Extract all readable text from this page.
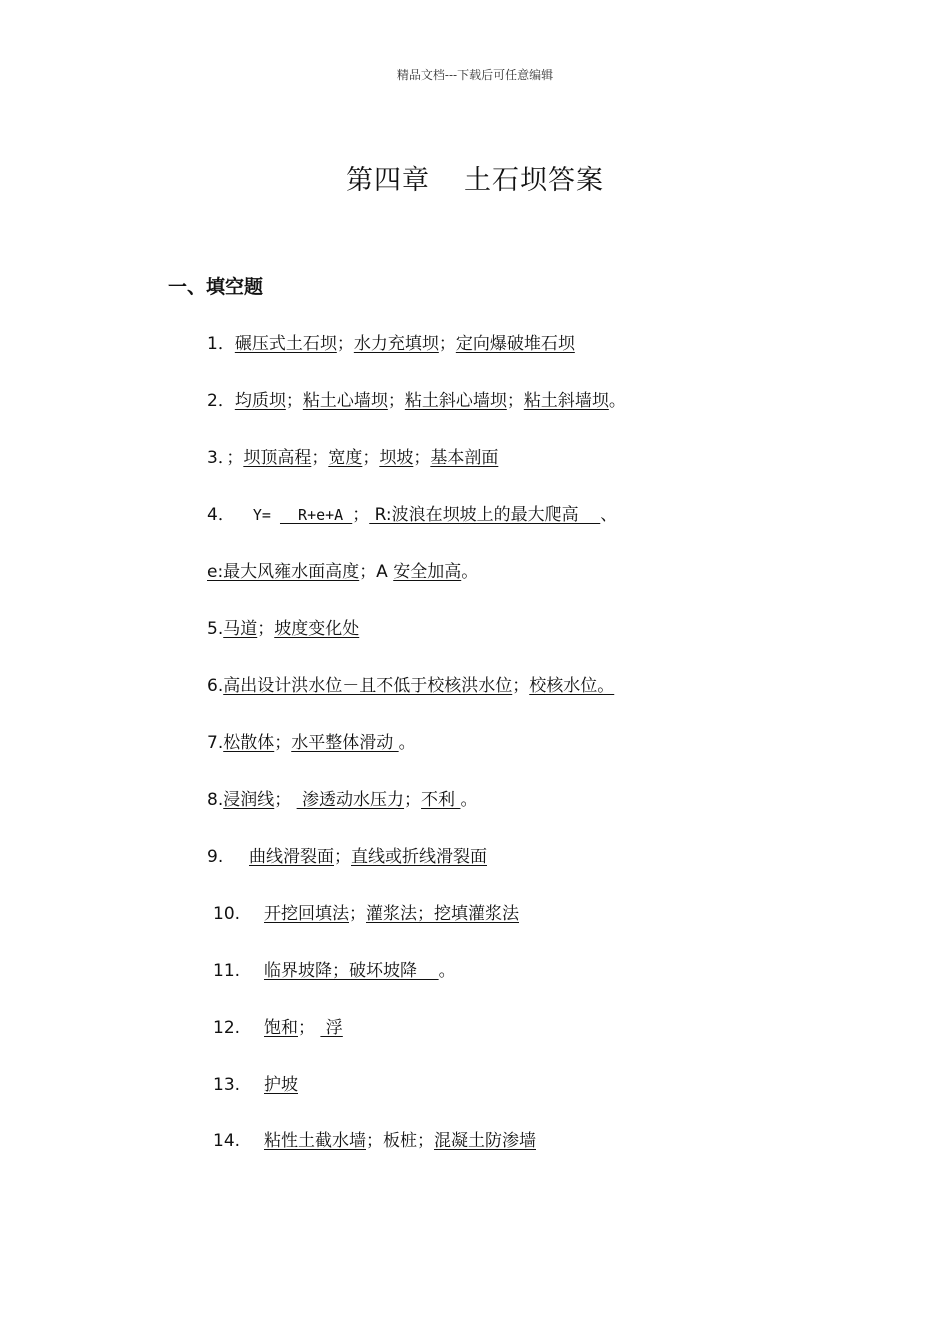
精品文档---下载后可任意编辑
第四章 土石坝答案
一、填空题
1．碾压式土石坝；水力充填坝；定向爆破堆石坝
2．均质坝；粘土心墙坝；粘土斜心墙坝；粘土斜墙坝。
3．；坝顶高程；宽度；坝坡；基本剖面
4．  Y=   R+e+A ； R:波浪在坝坡上的最大爬高    、
e:最大风雍水面高度；A 安全加高。
5.马道；坡度变化处
6.高出设计洪水位－且不低于校核洪水位；校核水位。
7.松散体；水平整体滑动 。
8.浸润线；  渗透动水压力；不利 。
9. 曲线滑裂面；直线或折线滑裂面
10. 开挖回填法；灌浆法；挖填灌浆法
11. 临界坡降；破坏坡降    。
12. 饱和；  浮
13. 护坡
14. 粘性土截水墙；板桩；混凝土防渗墙
